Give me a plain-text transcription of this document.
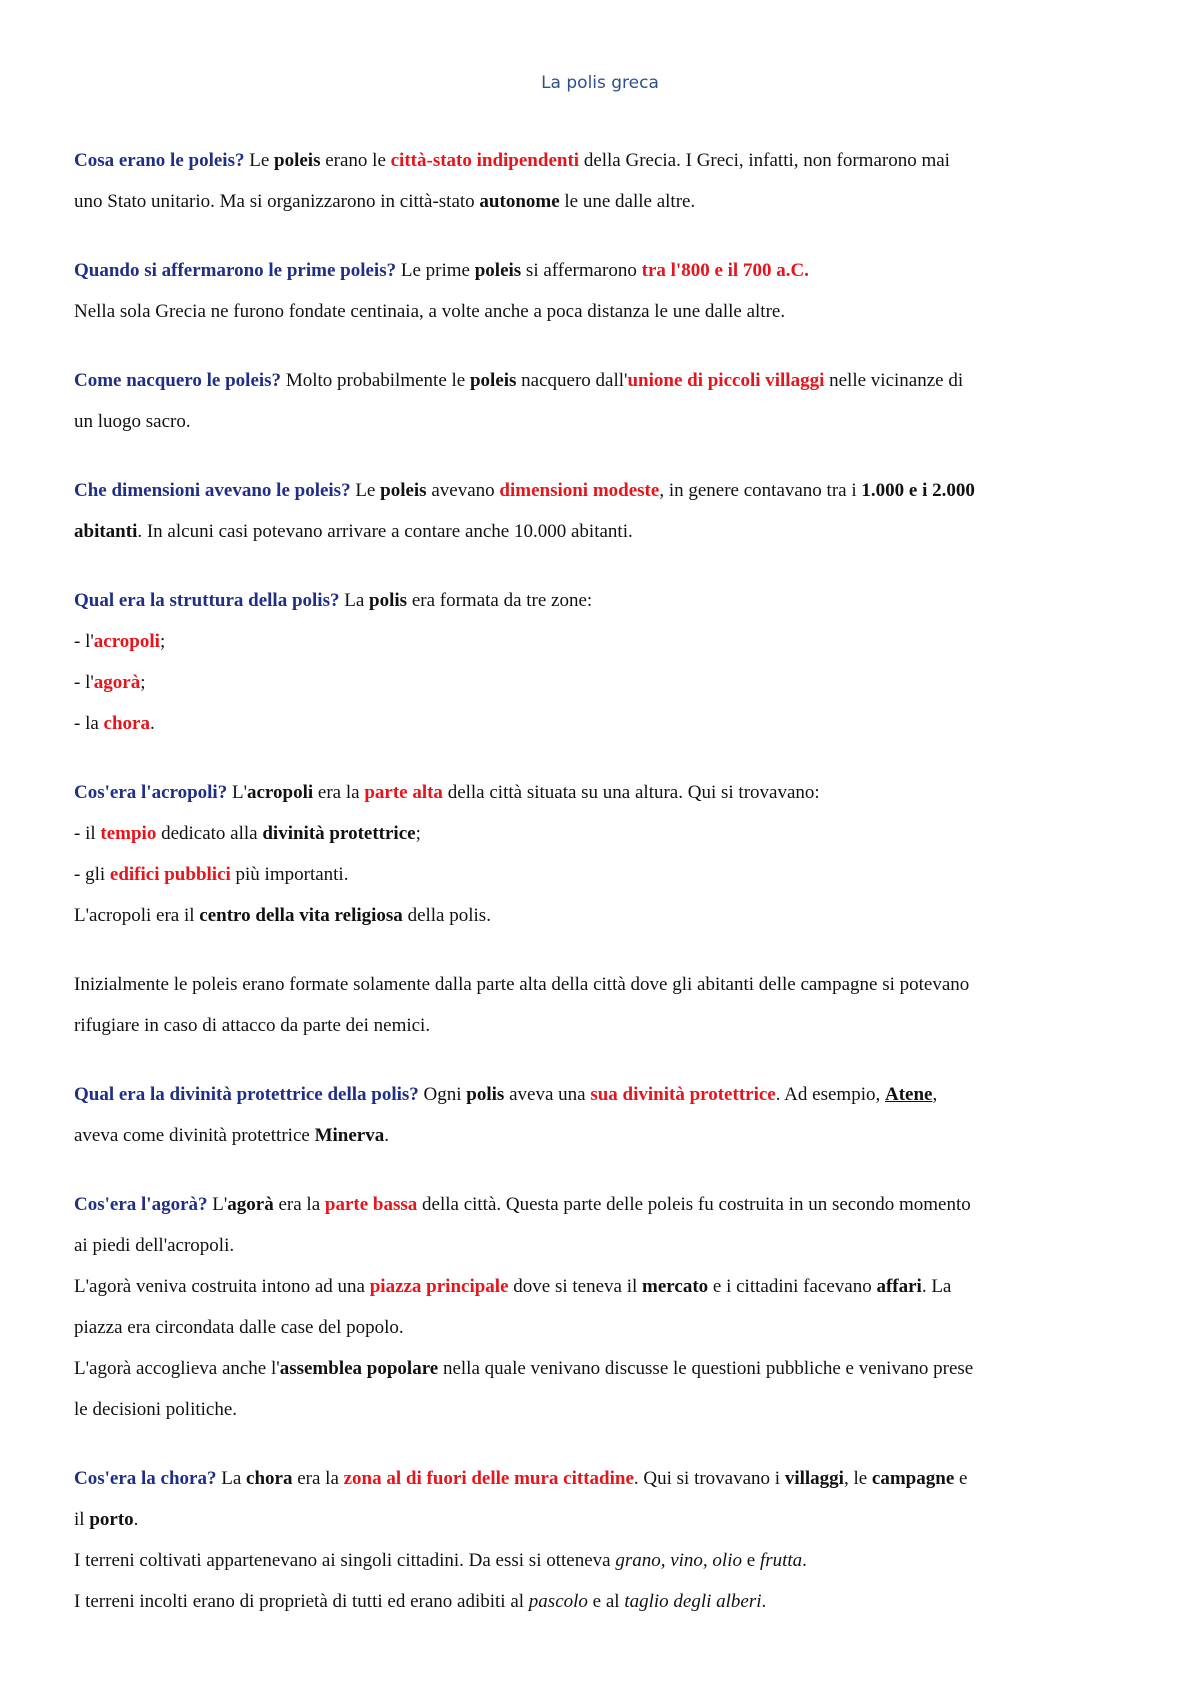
La polis greca
Cosa erano le poleis? Le poleis erano le città-stato indipendenti della Grecia. I Greci, infatti, non formarono mai
uno Stato unitario. Ma si organizzarono in città-stato autonome le une dalle altre.
Quando si affermarono le prime poleis? Le prime poleis si affermarono tra l'800 e il 700 a.C.
Nella sola Grecia ne furono fondate centinaia, a volte anche a poca distanza le une dalle altre.
Come nacquero le poleis? Molto probabilmente le poleis nacquero dall'unione di piccoli villaggi nelle vicinanze di
un luogo sacro.
Che dimensioni avevano le poleis? Le poleis avevano dimensioni modeste, in genere contavano tra i 1.000 e i 2.000
abitanti. In alcuni casi potevano arrivare a contare anche 10.000 abitanti.
Qual era la struttura della polis? La polis era formata da tre zone:
- l'acropoli;
- l'agorà;
- la chora.
Cos'era l'acropoli? L'acropoli era la parte alta della città situata su una altura. Qui si trovavano:
- il tempio dedicato alla divinità protettrice;
- gli edifici pubblici più importanti.
L'acropoli era il centro della vita religiosa della polis.
Inizialmente le poleis erano formate solamente dalla parte alta della città dove gli abitanti delle campagne si potevano
rifugiare in caso di attacco da parte dei nemici.
Qual era la divinità protettrice della polis? Ogni polis aveva una sua divinità protettrice. Ad esempio, Atene,
aveva come divinità protettrice Minerva.
Cos'era l'agorà? L'agorà era la parte bassa della città. Questa parte delle poleis fu costruita in un secondo momento
ai piedi dell'acropoli.
L'agorà veniva costruita intono ad una piazza principale dove si teneva il mercato e i cittadini facevano affari. La
piazza era circondata dalle case del popolo.
L'agorà accoglieva anche l'assemblea popolare nella quale venivano discusse le questioni pubbliche e venivano prese
le decisioni politiche.
Cos'era la chora? La chora era la zona al di fuori delle mura cittadine. Qui si trovavano i villaggi, le campagne e
il porto.
I terreni coltivati appartenevano ai singoli cittadini. Da essi si otteneva grano, vino, olio e frutta.
I terreni incolti erano di proprietà di tutti ed erano adibiti al pascolo e al taglio degli alberi.
